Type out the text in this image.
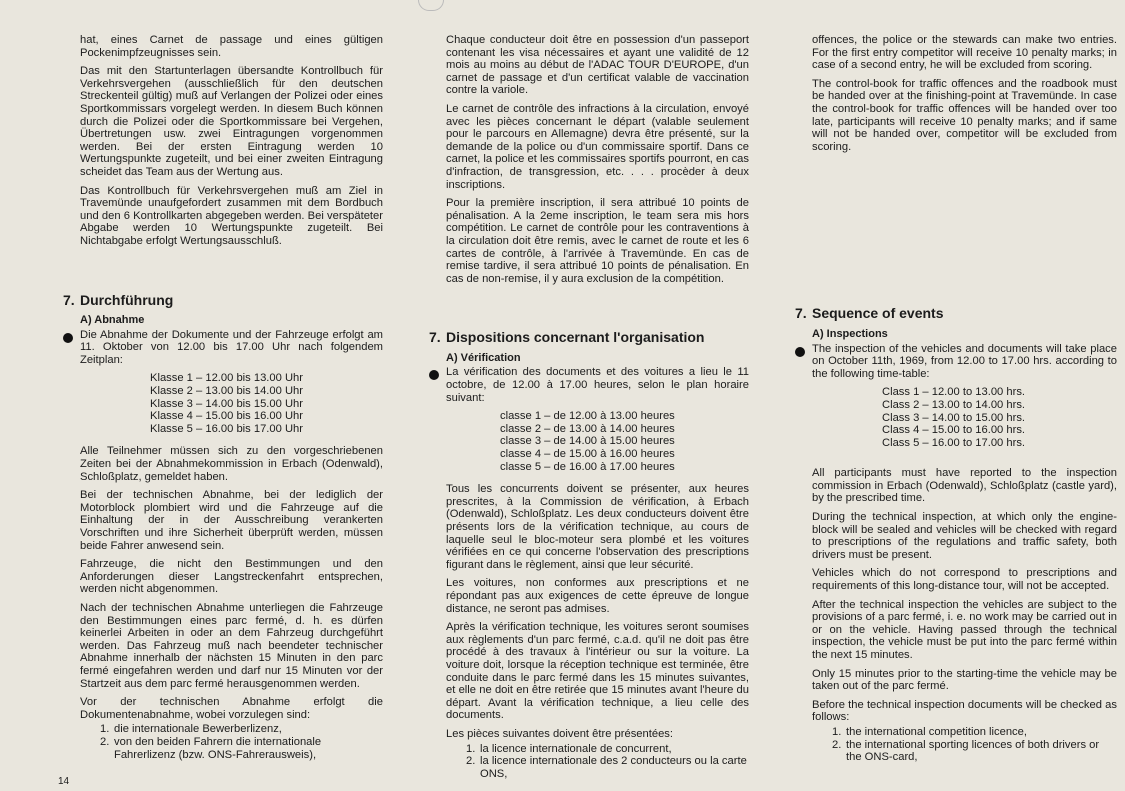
hat, eines Carnet de passage und eines gültigen Pockenimpfzeugnisses sein.
Das mit den Startunterlagen übersandte Kontrollbuch für Verkehrsvergehen (ausschließlich für den deutschen Streckenteil gültig) muß auf Verlangen der Polizei oder eines Sportkommissars vorgelegt werden. In diesem Buch können durch die Polizei oder die Sportkommissare bei Vergehen, Übertretungen usw. zwei Eintragungen vorgenommen werden. Bei der ersten Eintragung werden 10 Wertungspunkte zugeteilt, und bei einer zweiten Eintragung scheidet das Team aus der Wertung aus.
Das Kontrollbuch für Verkehrsvergehen muß am Ziel in Travemünde unaufgefordert zusammen mit dem Bordbuch und den 6 Kontrollkarten abgegeben werden. Bei verspäteter Abgabe werden 10 Wertungspunkte zugeteilt. Bei Nichtabgabe erfolgt Wertungsausschluß.
7. Durchführung
A) Abnahme
Die Abnahme der Dokumente und der Fahrzeuge erfolgt am 11. Oktober von 12.00 bis 17.00 Uhr nach folgendem Zeitplan:
Klasse 1 – 12.00 bis 13.00 Uhr
Klasse 2 – 13.00 bis 14.00 Uhr
Klasse 3 – 14.00 bis 15.00 Uhr
Klasse 4 – 15.00 bis 16.00 Uhr
Klasse 5 – 16.00 bis 17.00 Uhr
Alle Teilnehmer müssen sich zu den vorgeschriebenen Zeiten bei der Abnahmekommission in Erbach (Odenwald), Schloßplatz, gemeldet haben.
Bei der technischen Abnahme, bei der lediglich der Motorblock plombiert wird und die Fahrzeuge auf die Einhaltung der in der Ausschreibung verankerten Vorschriften und ihre Sicherheit überprüft werden, müssen beide Fahrer anwesend sein.
Fahrzeuge, die nicht den Bestimmungen und den Anforderungen dieser Langstreckenfahrt entsprechen, werden nicht abgenommen.
Nach der technischen Abnahme unterliegen die Fahrzeuge den Bestimmungen eines parc fermé, d. h. es dürfen keinerlei Arbeiten in oder an dem Fahrzeug durchgeführt werden. Das Fahrzeug muß nach beendeter technischer Abnahme innerhalb der nächsten 15 Minuten in den parc fermé eingefahren werden und darf nur 15 Minuten vor der Startzeit aus dem parc fermé herausgenommen werden.
Vor der technischen Abnahme erfolgt die Dokumentenabnahme, wobei vorzulegen sind:
1. die internationale Bewerberlizenz,
2. von den beiden Fahrern die internationale Fahrerlizenz (bzw. ONS-Fahrerausweis),
Chaque conducteur doit être en possession d'un passeport contenant les visa nécessaires et ayant une validité de 12 mois au moins au début de l'ADAC TOUR D'EUROPE, d'un carnet de passage et d'un certificat valable de vaccination contre la variole.
Le carnet de contrôle des infractions à la circulation, envoyé avec les pièces concernant le départ (valable seulement pour le parcours en Allemagne) devra être présenté, sur la demande de la police ou d'un commissaire sportif. Dans ce carnet, la police et les commissaires sportifs pourront, en cas d'infraction, de transgression, etc. . . . procèder à deux inscriptions.
Pour la première inscription, il sera attribué 10 points de pénalisation. A la 2eme inscription, le team sera mis hors compétition. Le carnet de contrôle pour les contraventions à la circulation doit être remis, avec le carnet de route et les 6 cartes de contrôle, à l'arrivée à Travemünde. En cas de remise tardive, il sera attribué 10 points de pénalisation. En cas de non-remise, il y aura exclusion de la compétition.
7. Dispositions concernant l'organisation
A) Vérification
La vérification des documents et des voitures a lieu le 11 octobre, de 12.00 à 17.00 heures, selon le plan horaire suivant:
classe 1 – de 12.00 à 13.00 heures
classe 2 – de 13.00 à 14.00 heures
classe 3 – de 14.00 à 15.00 heures
classe 4 – de 15.00 à 16.00 heures
classe 5 – de 16.00 à 17.00 heures
Tous les concurrents doivent se présenter, aux heures prescrites, à la Commission de vérification, à Erbach (Odenwald), Schloßplatz. Les deux conducteurs doivent être présents lors de la vérification technique, au cours de laquelle seul le bloc-moteur sera plombé et les voitures vérifiées en ce qui concerne l'observation des prescriptions figurant dans le règlement, ainsi que leur sécurité.
Les voitures, non conformes aux prescriptions et ne répondant pas aux exigences de cette épreuve de longue distance, ne seront pas admises.
Après la vérification technique, les voitures seront soumises aux règlements d'un parc fermé, c.a.d. qu'il ne doit pas être procédé à des travaux à l'intérieur ou sur la voiture. La voiture doit, lorsque la réception technique est terminée, être conduite dans le parc fermé dans les 15 minutes suivantes, et elle ne doit en être retirée que 15 minutes avant l'heure du départ. Avant la vérification technique, a lieu celle des documents.
Les pièces suivantes doivent être présentées:
1. la licence internationale de concurrent,
2. la licence internationale des 2 conducteurs ou la carte ONS,
offences, the police or the stewards can make two entries. For the first entry competitor will receive 10 penalty marks; in case of a second entry, he will be excluded from scoring.
The control-book for traffic offences and the roadbook must be handed over at the finishing-point at Travemünde. In case the control-book for traffic offences will be handed over too late, participants will receive 10 penalty marks; and if same will not be handed over, competitor will be excluded from scoring.
7. Sequence of events
A) Inspections
The inspection of the vehicles and documents will take place on October 11th, 1969, from 12.00 to 17.00 hrs. according to the following time-table:
Class 1 – 12.00 to 13.00 hrs.
Class 2 – 13.00 to 14.00 hrs.
Class 3 – 14.00 to 15.00 hrs.
Class 4 – 15.00 to 16.00 hrs.
Class 5 – 16.00 to 17.00 hrs.
All participants must have reported to the inspection commission in Erbach (Odenwald), Schloßplatz (castle yard), by the prescribed time.
During the technical inspection, at which only the engine-block will be sealed and vehicles will be checked with regard to prescriptions of the regulations and traffic safety, both drivers must be present.
Vehicles which do not correspond to prescriptions and requirements of this long-distance tour, will not be accepted.
After the technical inspection the vehicles are subject to the provisions of a parc fermé, i. e. no work may be carried out in or on the vehicle. Having passed through the technical inspection, the vehicle must be put into the parc fermé within the next 15 minutes.
Only 15 minutes prior to the starting-time the vehicle may be taken out of the parc fermé.
Before the technical inspection documents will be checked as follows:
1. the international competition licence,
2. the international sporting licences of both drivers or the ONS-card,
14
